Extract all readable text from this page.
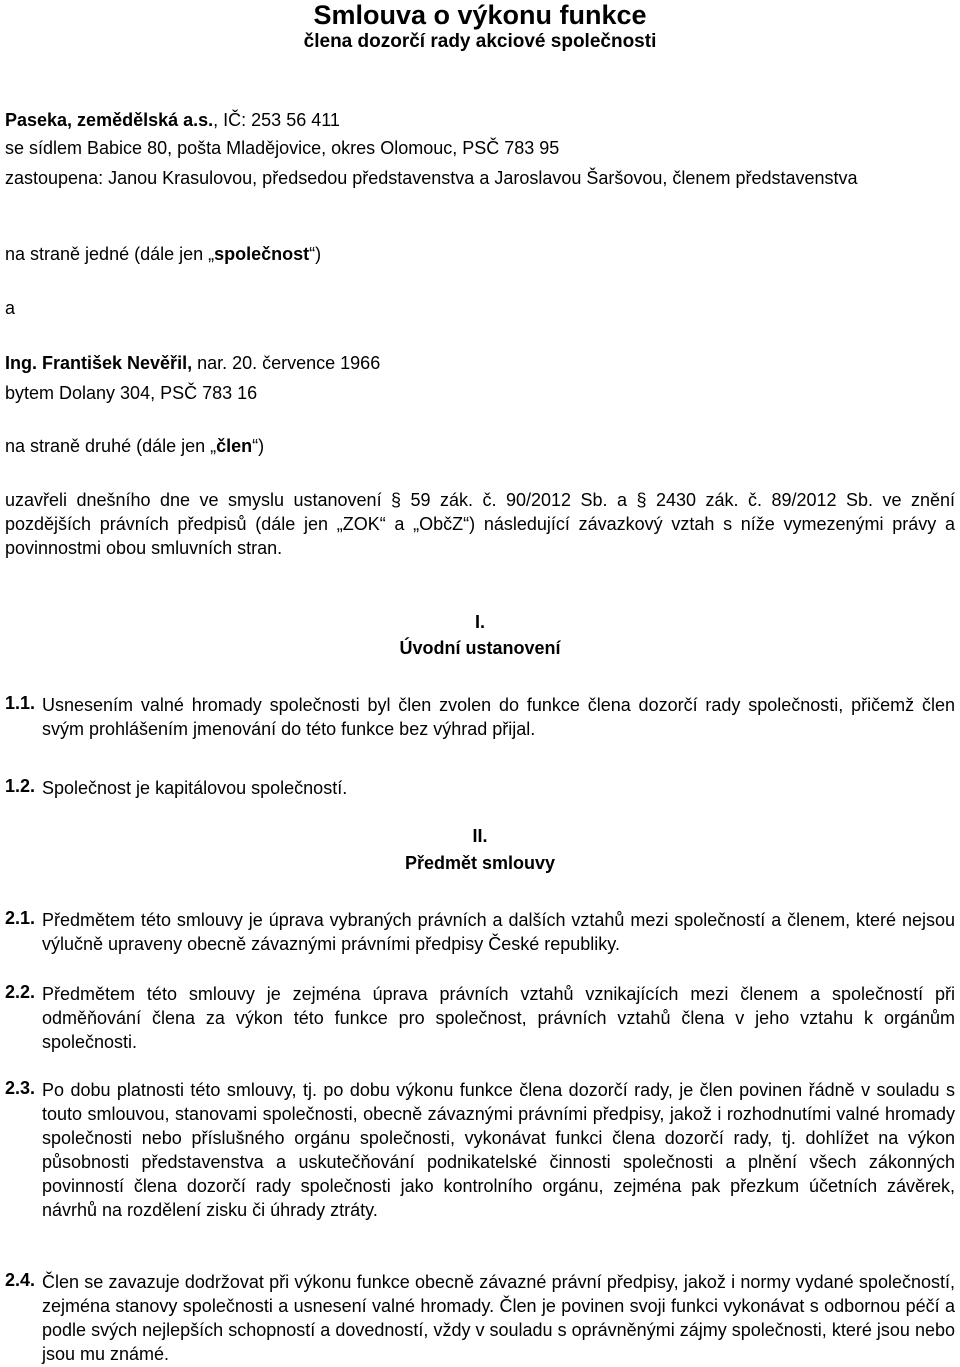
Smlouva o výkonu funkce
člena dozorčí rady akciové společnosti
Paseka, zemědělská a.s., IČ: 253 56 411
se sídlem Babice 80, pošta Mladějovice, okres Olomouc, PSČ 783 95
zastoupena: Janou Krasulovou, předsedou představenstva a Jaroslavou Šaršovou, členem představenstva
na straně jedné (dále jen „společnost“)
a
Ing. František Nevěřil, nar. 20. července 1966
bytem Dolany 304, PSČ 783 16
na straně druhé (dále jen „člen“)
uzavřeli dnešního dne ve smyslu ustanovení § 59 zák. č. 90/2012 Sb. a § 2430 zák. č. 89/2012 Sb. ve znění pozdějších právních předpisů (dále jen „ZOK“ a „ObčZ“) následující závazkový vztah s níže vymezenými právy a povinnostmi obou smluvních stran.
I.
Úvodní ustanovení
1.1. Usnesením valné hromady společnosti byl člen zvolen do funkce člena dozorčí rady společnosti, přičemž člen svým prohlášením jmenování do této funkce bez výhrad přijal.
1.2. Společnost je kapitálovou společností.
II.
Předmět smlouvy
2.1. Předmětem této smlouvy je úprava vybraných právních a dalších vztahů mezi společností a členem, které nejsou výlučně upraveny obecně závaznými právními předpisy České republiky.
2.2. Předmětem této smlouvy je zejména úprava právních vztahů vznikajících mezi členem a společností při odměňování člena za výkon této funkce pro společnost, právních vztahů člena v jeho vztahu k orgánům společnosti.
2.3. Po dobu platnosti této smlouvy, tj. po dobu výkonu funkce člena dozorčí rady, je člen povinen řádně v souladu s touto smlouvou, stanovami společnosti, obecně závaznými právními předpisy, jakož i rozhodnutími valné hromady společnosti nebo příslušného orgánu společnosti, vykonávat funkci člena dozorčí rady, tj. dohlížet na výkon působnosti představenstva a uskutečňování podnikatelské činnosti společnosti a plnění všech zákonných povinností člena dozorčí rady společnosti jako kontrolního orgánu, zejména pak přezkum účetních závěrek, návrhů na rozdělení zisku či úhrady ztráty.
2.4. Člen se zavazuje dodržovat při výkonu funkce obecně závazné právní předpisy, jakož i normy vydané společností, zejména stanovy společnosti a usnesení valné hromady. Člen je povinen svoji funkci vykonávat s odbornou péčí a podle svých nejlepších schopností a dovedností, vždy v souladu s oprávněnými zájmy společnosti, které jsou nebo jsou mu známé.
